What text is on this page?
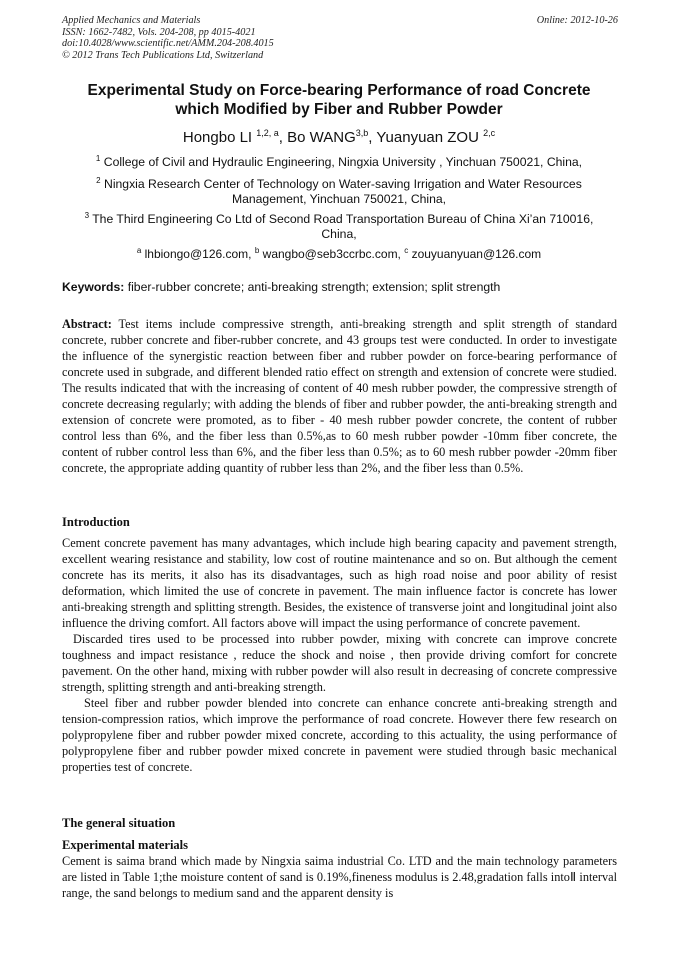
Applied Mechanics and Materials
ISSN: 1662-7482, Vols. 204-208, pp 4015-4021
doi:10.4028/www.scientific.net/AMM.204-208.4015
© 2012 Trans Tech Publications Ltd, Switzerland
Online: 2012-10-26
Experimental Study on Force-bearing Performance of road Concrete
which Modified by Fiber and Rubber Powder
Hongbo LI $^{1,2, a}$, Bo WANG$^{3,b}$, Yuanyuan ZOU $^{2,c}$
$^1$ College of Civil and Hydraulic Engineering, Ningxia University , Yinchuan 750021, China,
$^2$ Ningxia Research Center of Technology on Water-saving Irrigation and Water Resources Management, Yinchuan 750021, China,
$^3$ The Third Engineering Co Ltd of Second Road Transportation Bureau of China Xi’an 710016, China,
$^a$ lhbiongo@126.com, $^b$ wangbo@seb3ccrbc.com, $^c$ zouyuanyuan@126.com
Keywords: fiber-rubber concrete; anti-breaking strength; extension; split strength
Abstract: Test items include compressive strength, anti-breaking strength and split strength of standard concrete, rubber concrete and fiber-rubber concrete, and 43 groups test were conducted. In order to investigate the influence of the synergistic reaction between fiber and rubber powder on force-bearing performance of concrete used in subgrade, and different blended ratio effect on strength and extension of concrete were studied. The results indicated that with the increasing of content of 40 mesh rubber powder, the compressive strength of concrete decreasing regularly; with adding the blends of fiber and rubber powder, the anti-breaking strength and extension of concrete were promoted, as to fiber - 40 mesh rubber powder concrete, the content of rubber control less than 6%, and the fiber less than 0.5%,as to 60 mesh rubber powder -10mm fiber concrete, the content of rubber control less than 6%, and the fiber less than 0.5%; as to 60 mesh rubber powder -20mm fiber concrete, the appropriate adding quantity of rubber less than 2%, and the fiber less than 0.5%.
Introduction
Cement concrete pavement has many advantages, which include high bearing capacity and pavement strength, excellent wearing resistance and stability, low cost of routine maintenance and so on. But although the cement concrete has its merits, it also has its disadvantages, such as high road noise and poor ability of resist deformation, which limited the use of concrete in pavement. The main influence factor is concrete has lower anti-breaking strength and splitting strength. Besides, the existence of transverse joint and longitudinal joint also influence the driving comfort. All factors above will impact the using performance of concrete pavement.
Discarded tires used to be processed into rubber powder, mixing with concrete can improve concrete toughness and impact resistance , reduce the shock and noise , then provide driving comfort for concrete pavement. On the other hand, mixing with rubber powder will also result in decreasing of concrete compressive strength, splitting strength and anti-breaking strength.
Steel fiber and rubber powder blended into concrete can enhance concrete anti-breaking strength and tension-compression ratios, which improve the performance of road concrete. However there few research on polypropylene fiber and rubber powder mixed concrete, according to this actuality, the using performance of polypropylene fiber and rubber powder mixed concrete in pavement were studied through basic mechanical properties test of concrete.
The general situation
Experimental materials
Cement is saima brand which made by Ningxia saima industrial Co. LTD and the main technology parameters are listed in Table 1;the moisture content of sand is 0.19%,fineness modulus is 2.48,gradation falls intoⅡ interval range, the sand belongs to medium sand and the apparent density is
